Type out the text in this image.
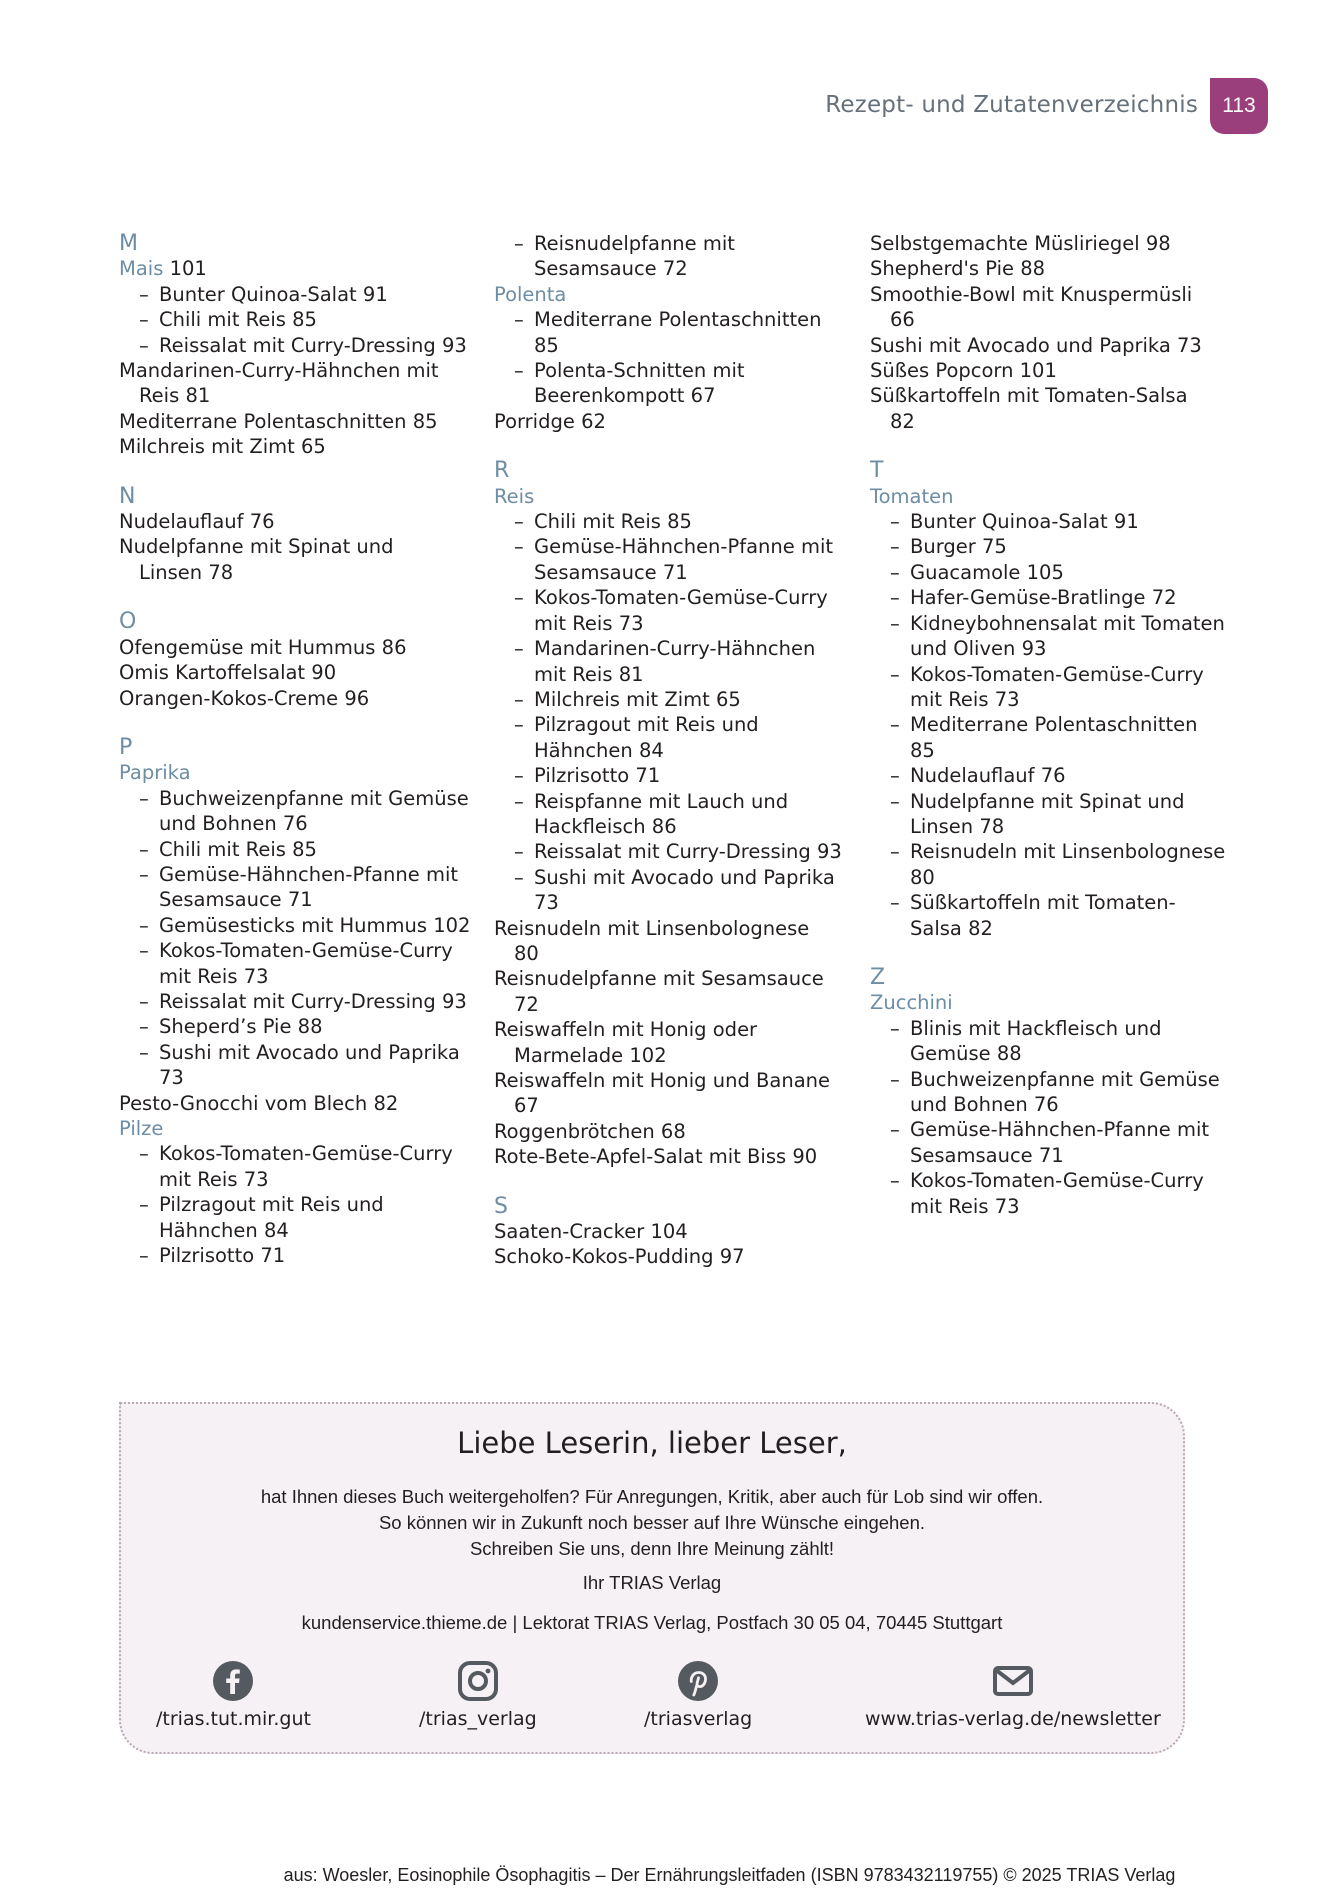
Rezept- und Zutatenverzeichnis	113
M
Mais 101
– Bunter Quinoa-Salat 91
– Chili mit Reis 85
– Reissalat mit Curry-Dressing 93
Mandarinen-Curry-Hähnchen mit
Reis 81
Mediterrane Polentaschnitten 85
Milchreis mit Zimt 65
N
Nudelauflauf 76
Nudelpfanne mit Spinat und
Linsen 78
O
Ofengemüse mit Hummus 86
Omis Kartoffelsalat 90
Orangen-Kokos-Creme 96
P
Paprika
– Buchweizenpfanne mit Gemüse
und Bohnen 76
– Chili mit Reis 85
– Gemüse-Hähnchen-Pfanne mit
Sesamsauce 71
– Gemüsesticks mit Hummus 102
– Kokos-Tomaten-Gemüse-Curry
mit Reis 73
– Reissalat mit Curry-Dressing 93
– Sheperd’s Pie 88
– Sushi mit Avocado und Paprika
73
Pesto-Gnocchi vom Blech 82
Pilze
– Kokos-Tomaten-Gemüse-Curry
mit Reis 73
– Pilzragout mit Reis und
Hähnchen 84
– Pilzrisotto 71
– Reisnudelpfanne mit
Sesamsauce 72
Polenta
– Mediterrane Polentaschnitten
85
– Polenta-Schnitten mit
Beerenkompott 67
Porridge 62
R
Reis
– Chili mit Reis 85
– Gemüse-Hähnchen-Pfanne mit
Sesamsauce 71
– Kokos-Tomaten-Gemüse-Curry
mit Reis 73
– Mandarinen-Curry-Hähnchen
mit Reis 81
– Milchreis mit Zimt 65
– Pilzragout mit Reis und
Hähnchen 84
– Pilzrisotto 71
– Reispfanne mit Lauch und
Hackfleisch 86
– Reissalat mit Curry-Dressing 93
– Sushi mit Avocado und Paprika
73
Reisnudeln mit Linsenbolognese
80
Reisnudelpfanne mit Sesamsauce
72
Reiswaffeln mit Honig oder
Marmelade 102
Reiswaffeln mit Honig und Banane
67
Roggenbrötchen 68
Rote-Bete-Apfel-Salat mit Biss 90
S
Saaten-Cracker 104
Schoko-Kokos-Pudding 97
Selbstgemachte Müsliriegel 98
Shepherd's Pie 88
Smoothie-Bowl mit Knuspermüsli
66
Sushi mit Avocado und Paprika 73
Süßes Popcorn 101
Süßkartoffeln mit Tomaten-Salsa
82
T
Tomaten
– Bunter Quinoa-Salat 91
– Burger 75
– Guacamole 105
– Hafer-Gemüse-Bratlinge 72
– Kidneybohnensalat mit Tomaten
und Oliven 93
– Kokos-Tomaten-Gemüse-Curry
mit Reis 73
– Mediterrane Polentaschnitten
85
– Nudelauflauf 76
– Nudelpfanne mit Spinat und
Linsen 78
– Reisnudeln mit Linsenbolognese
80
– Süßkartoffeln mit Tomaten-
Salsa 82
Z
Zucchini
– Blinis mit Hackfleisch und
Gemüse 88
– Buchweizenpfanne mit Gemüse
und Bohnen 76
– Gemüse-Hähnchen-Pfanne mit
Sesamsauce 71
– Kokos-Tomaten-Gemüse-Curry
mit Reis 73
Liebe Leserin, lieber Leser,
hat Ihnen dieses Buch weitergeholfen? Für Anregungen, Kritik, aber auch für Lob sind wir offen.
So können wir in Zukunft noch besser auf Ihre Wünsche eingehen.
Schreiben Sie uns, denn Ihre Meinung zählt!
Ihr TRIAS Verlag
kundenservice.thieme.de | Lektorat TRIAS Verlag, Postfach 30 05 04, 70445 Stuttgart
/trias.tut.mir.gut	/trias_verlag	/triasverlag	www.trias-verlag.de/newsletter
aus: Woesler, Eosinophile Ösophagitis – Der Ernährungsleitfaden (ISBN 9783432119755) © 2025 TRIAS Verlag
